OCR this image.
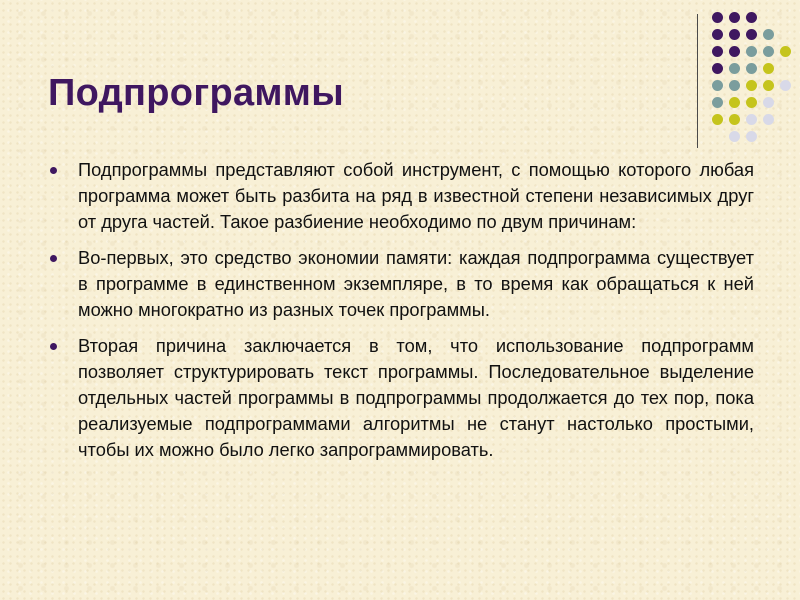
Подпрограммы
Подпрограммы представляют собой инструмент, с помощью которого любая программа может быть разбита на ряд в известной степени независимых друг от друга частей. Такое разбиение необходимо по двум причинам:
Во-первых, это средство экономии памяти: каждая подпрограмма существует в программе в единственном экземпляре, в то время как обращаться к ней можно многократно из разных точек программы.
Вторая причина заключается в том, что использование подпрограмм позволяет структурировать текст программы. Последовательное выделение отдельных частей программы в подпрограммы продолжается до тех пор, пока реализуемые подпрограммами алгоритмы не станут настолько простыми, чтобы их можно было легко запрограммировать.
